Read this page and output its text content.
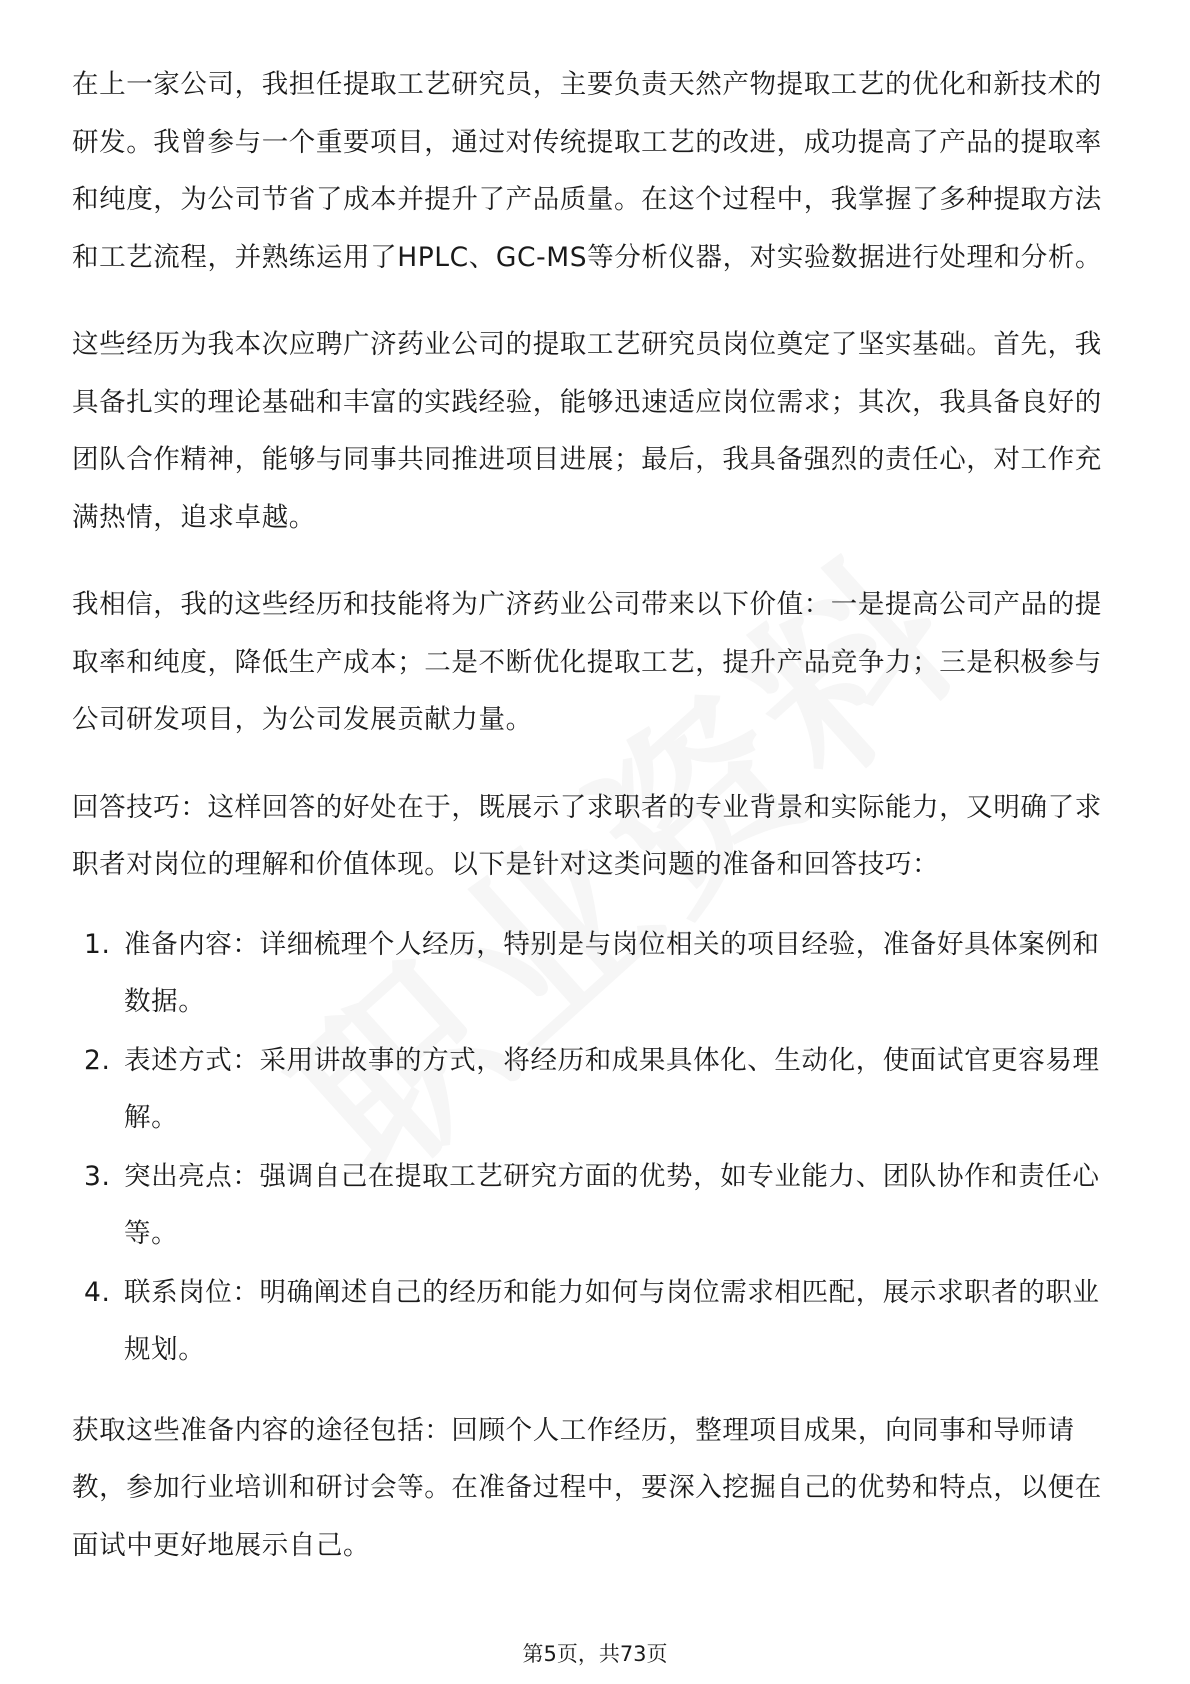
在上一家公司，我担任提取工艺研究员，主要负责天然产物提取工艺的优化和新技术的研发。我曾参与一个重要项目，通过对传统提取工艺的改进，成功提高了产品的提取率和纯度，为公司节省了成本并提升了产品质量。在这个过程中，我掌握了多种提取方法和工艺流程，并熟练运用了HPLC、GC-MS等分析仪器，对实验数据进行处理和分析。

这些经历为我本次应聘广济药业公司的提取工艺研究员岗位奠定了坚实基础。首先，我具备扎实的理论基础和丰富的实践经验，能够迅速适应岗位需求；其次，我具备良好的团队合作精神，能够与同事共同推进项目进展；最后，我具备强烈的责任心，对工作充满热情，追求卓越。

我相信，我的这些经历和技能将为广济药业公司带来以下价值：一是提高公司产品的提取率和纯度，降低生产成本；二是不断优化提取工艺，提升产品竞争力；三是积极参与公司研发项目，为公司发展贡献力量。

回答技巧：这样回答的好处在于，既展示了求职者的专业背景和实际能力，又明确了求职者对岗位的理解和价值体现。以下是针对这类问题的准备和回答技巧：

1. 准备内容：详细梳理个人经历，特别是与岗位相关的项目经验，准备好具体案例和数据。
2. 表述方式：采用讲故事的方式，将经历和成果具体化、生动化，使面试官更容易理解。
3. 突出亮点：强调自己在提取工艺研究方面的优势，如专业能力、团队协作和责任心等。
4. 联系岗位：明确阐述自己的经历和能力如何与岗位需求相匹配，展示求职者的职业规划。

获取这些准备内容的途径包括：回顾个人工作经历，整理项目成果，向同事和导师请教，参加行业培训和研讨会等。在准备过程中，要深入挖掘自己的优势和特点，以便在面试中更好地展示自己。

第5页，共73页
